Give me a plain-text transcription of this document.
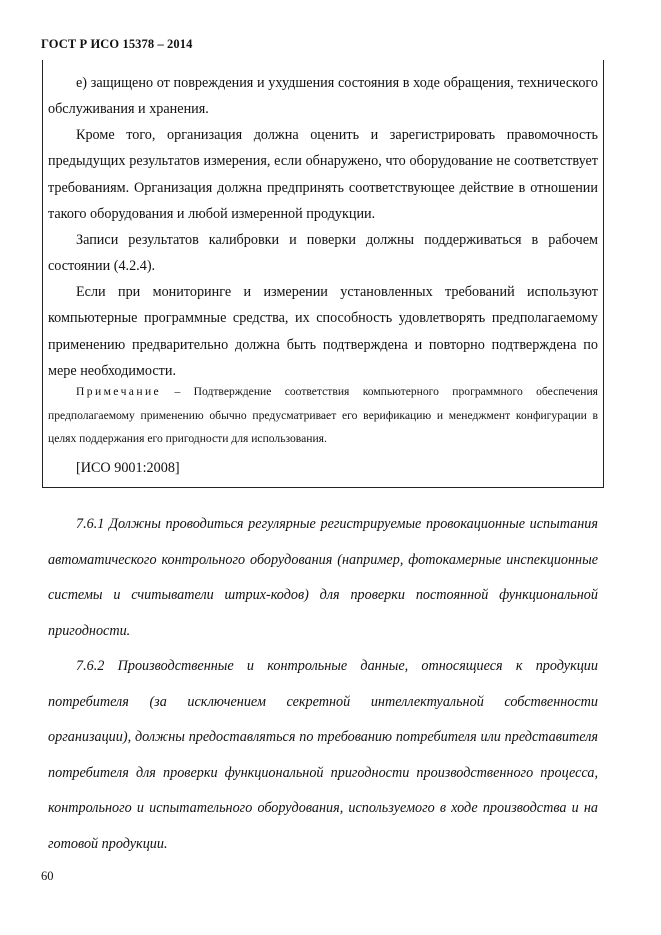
ГОСТ Р ИСО 15378 – 2014

е) защищено от повреждения и ухудшения состояния в ходе обращения, технического обслуживания и хранения.

Кроме того, организация должна оценить и зарегистрировать правомочность предыдущих результатов измерения, если обнаружено, что оборудование не соответствует требованиям. Организация должна предпринять соответствующее действие в отношении такого оборудования и любой измеренной продукции.

Записи результатов калибровки и поверки должны поддерживаться в рабочем состоянии (4.2.4).

Если при мониторинге и измерении установленных требований используют компьютерные программные средства, их способность удовлетворять предполагаемому применению предварительно должна быть подтверждена и повторно подтверждена по мере необходимости.

Примечание – Подтверждение соответствия компьютерного программного обеспечения предполагаемому применению обычно предусматривает его верификацию и менеджмент конфигурации в целях поддержания его пригодности для использования.

[ИСО 9001:2008]

7.6.1 Должны проводиться регулярные регистрируемые провокационные испытания автоматического контрольного оборудования (например, фотокамерные инспекционные системы и считыватели штрих-кодов) для проверки постоянной функциональной пригодности.

7.6.2 Производственные и контрольные данные, относящиеся к продукции потребителя (за исключением секретной интеллектуальной собственности организации), должны предоставляться по требованию потребителя или представителя потребителя для проверки функциональной пригодности производственного процесса, контрольного и испытательного оборудования, используемого в ходе производства и на готовой продукции.

60
